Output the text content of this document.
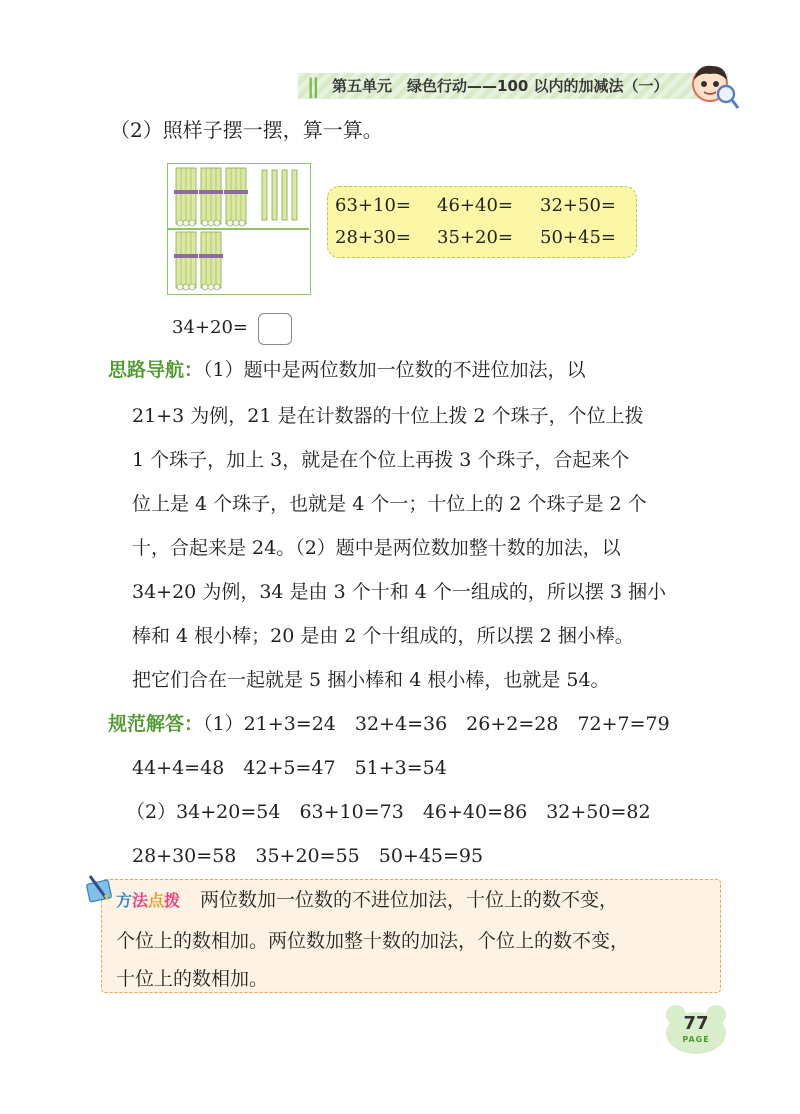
|| 第五单元　绿色行动——100 以内的加减法（一）
（2）照样子摆一摆，算一算。
63+10= 46+40= 32+50=
28+30= 35+20= 50+45=
34+20=
思路导航：（1）题中是两位数加一位数的不进位加法，以
21+3 为例，21 是在计数器的十位上拨 2 个珠子，个位上拨
1 个珠子，加上 3，就是在个位上再拨 3 个珠子，合起来个
位上是 4 个珠子，也就是 4 个一；十位上的 2 个珠子是 2 个
十，合起来是 24。（2）题中是两位数加整十数的加法，以
34+20 为例，34 是由 3 个十和 4 个一组成的，所以摆 3 捆小
棒和 4 根小棒；20 是由 2 个十组成的，所以摆 2 捆小棒。
把它们合在一起就是 5 捆小棒和 4 根小棒，也就是 54。
规范解答：（1）21+3=24　32+4=36　26+2=28　72+7=79
44+4=48　42+5=47　51+3=54
（2）34+20=54　63+10=73　46+40=86　32+50=82
28+30=58　35+20=55　50+45=95
方法点拨 两位数加一位数的不进位加法，十位上的数不变，
个位上的数相加。两位数加整十数的加法，个位上的数不变，
十位上的数相加。
77
PAGE
